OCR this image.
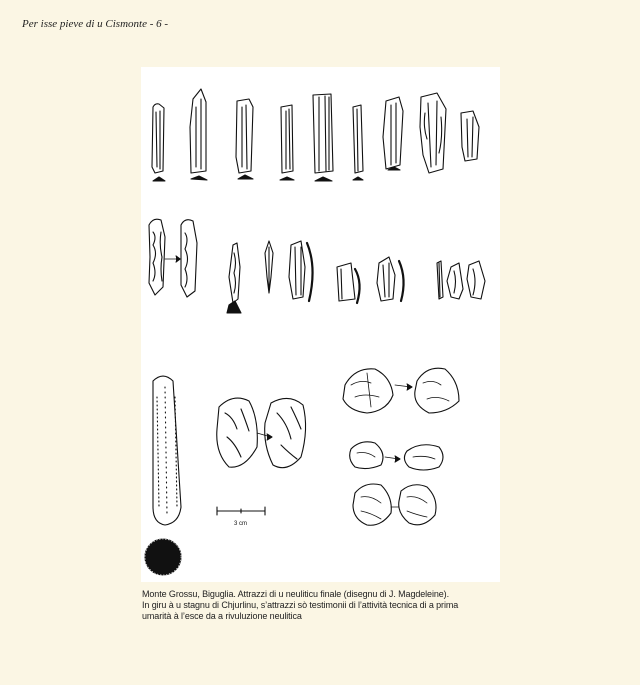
Per isse pieve di u Cismonte - 6 -
3 cm
Monte Grossu, Biguglia. Attrazzi di u neuliticu finale (disegnu di J. Magdeleine).
In giru à u stagnu di Chjurlinu, s’attrazzi sò testimonii di l’attività tecnica di a prima
umarità à l’esce da a rivuluzione neulitica
